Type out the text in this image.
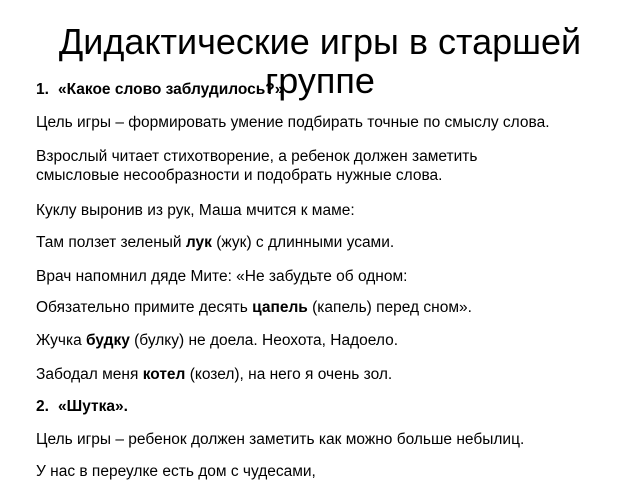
Дидактические игры в старшей
группе
1. «Какое слово заблудилось?»
Цель игры – формировать умение подбирать точные по смыслу слова.
Взрослый читает стихотворение, а ребенок должен заметить
смысловые несообразности и подобрать нужные слова.
Куклу выронив из рук, Маша мчится к маме:
Там ползет зеленый лук (жук) с длинными усами.
Врач напомнил дяде Мите: «Не забудьте об одном:
Обязательно примите десять цапель (капель) перед сном».
Жучка будку (булку) не доела. Неохота, Надоело.
Забодал меня котел (козел), на него я очень зол.
2. «Шутка».
Цель игры – ребенок должен заметить как можно больше небылиц.
У нас в переулке есть дом с чудесами,
